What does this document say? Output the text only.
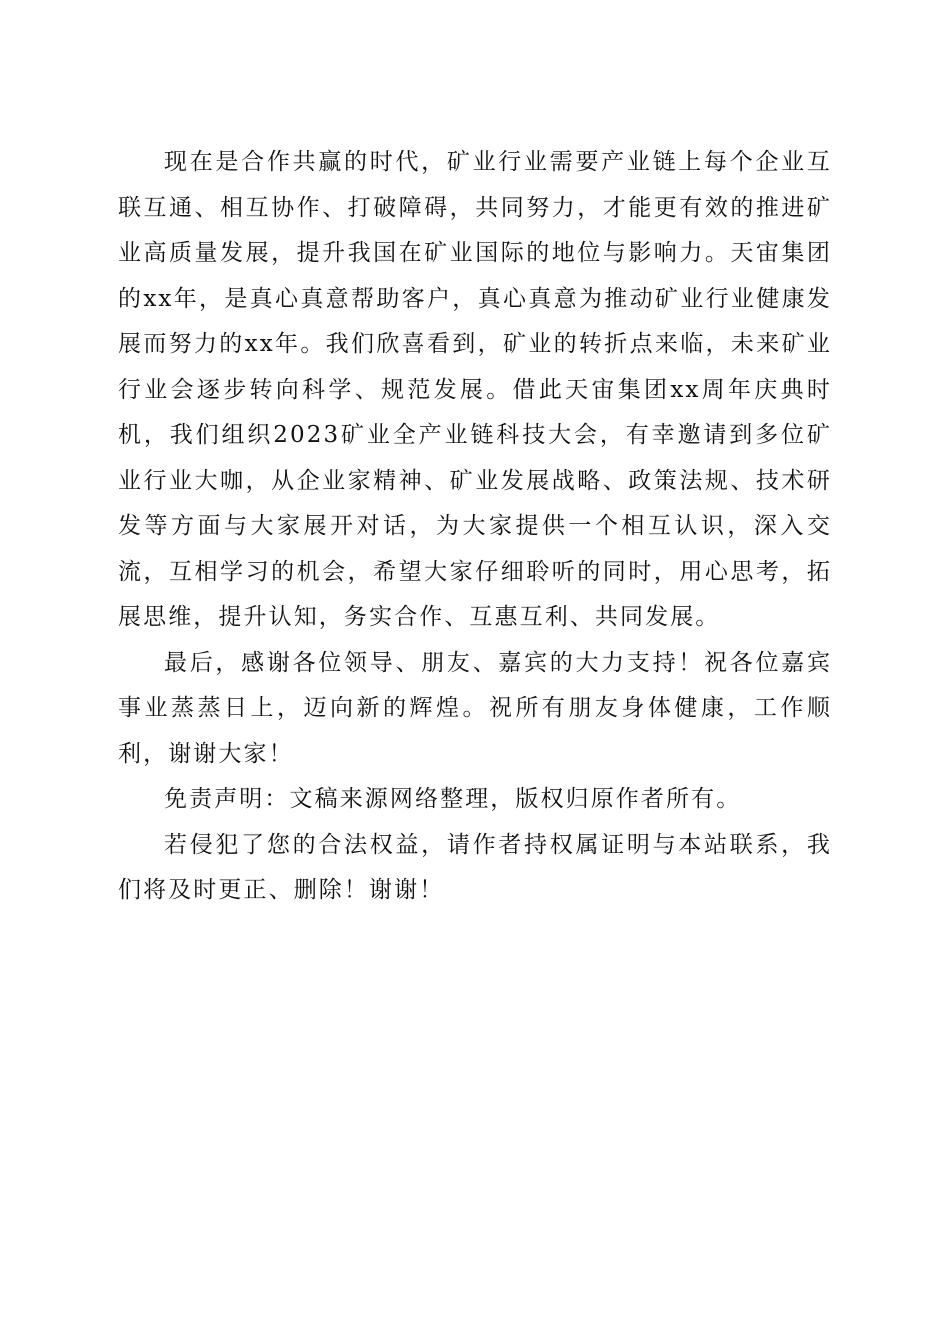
现在是合作共赢的时代，矿业行业需要产业链上每个企业互联互通、相互协作、打破障碍，共同努力，才能更有效的推进矿业高质量发展，提升我国在矿业国际的地位与影响力。天宙集团的xx年，是真心真意帮助客户，真心真意为推动矿业行业健康发展而努力的xx年。我们欣喜看到，矿业的转折点来临，未来矿业行业会逐步转向科学、规范发展。借此天宙集团xx周年庆典时机，我们组织2023矿业全产业链科技大会，有幸邀请到多位矿业行业大咖，从企业家精神、矿业发展战略、政策法规、技术研发等方面与大家展开对话，为大家提供一个相互认识，深入交流，互相学习的机会，希望大家仔细聆听的同时，用心思考，拓展思维，提升认知，务实合作、互惠互利、共同发展。

最后，感谢各位领导、朋友、嘉宾的大力支持！祝各位嘉宾事业蒸蒸日上，迈向新的辉煌。祝所有朋友身体健康，工作顺利，谢谢大家！

免责声明：文稿来源网络整理，版权归原作者所有。

若侵犯了您的合法权益，请作者持权属证明与本站联系，我们将及时更正、删除！谢谢！
